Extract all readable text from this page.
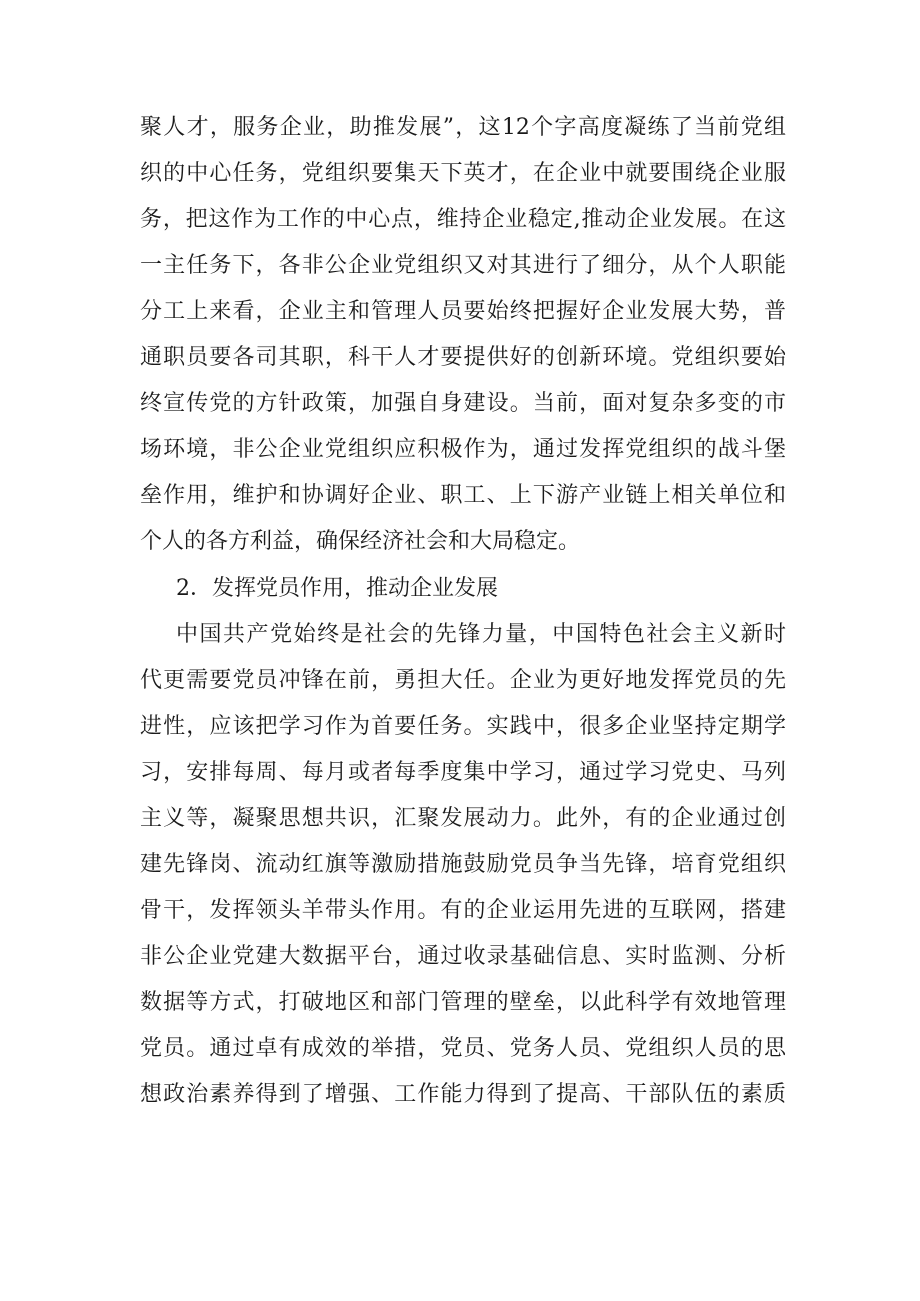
聚人才，服务企业，助推发展”，这12个字高度凝练了当前党组
织的中心任务，党组织要集天下英才，在企业中就要围绕企业服
务，把这作为工作的中心点，维持企业稳定,推动企业发展。在这
一主任务下，各非公企业党组织又对其进行了细分，从个人职能
分工上来看，企业主和管理人员要始终把握好企业发展大势，普
通职员要各司其职，科干人才要提供好的创新环境。党组织要始
终宣传党的方针政策，加强自身建设。当前，面对复杂多变的市
场环境，非公企业党组织应积极作为，通过发挥党组织的战斗堡
垒作用，维护和协调好企业、职工、上下游产业链上相关单位和
个人的各方利益，确保经济社会和大局稳定。
2．发挥党员作用，推动企业发展
中国共产党始终是社会的先锋力量，中国特色社会主义新时
代更需要党员冲锋在前，勇担大任。企业为更好地发挥党员的先
进性，应该把学习作为首要任务。实践中，很多企业坚持定期学
习，安排每周、每月或者每季度集中学习，通过学习党史、马列
主义等，凝聚思想共识，汇聚发展动力。此外，有的企业通过创
建先锋岗、流动红旗等激励措施鼓励党员争当先锋，培育党组织
骨干，发挥领头羊带头作用。有的企业运用先进的互联网，搭建
非公企业党建大数据平台，通过收录基础信息、实时监测、分析
数据等方式，打破地区和部门管理的壁垒，以此科学有效地管理
党员。通过卓有成效的举措，党员、党务人员、党组织人员的思
想政治素养得到了增强、工作能力得到了提高、干部队伍的素质
